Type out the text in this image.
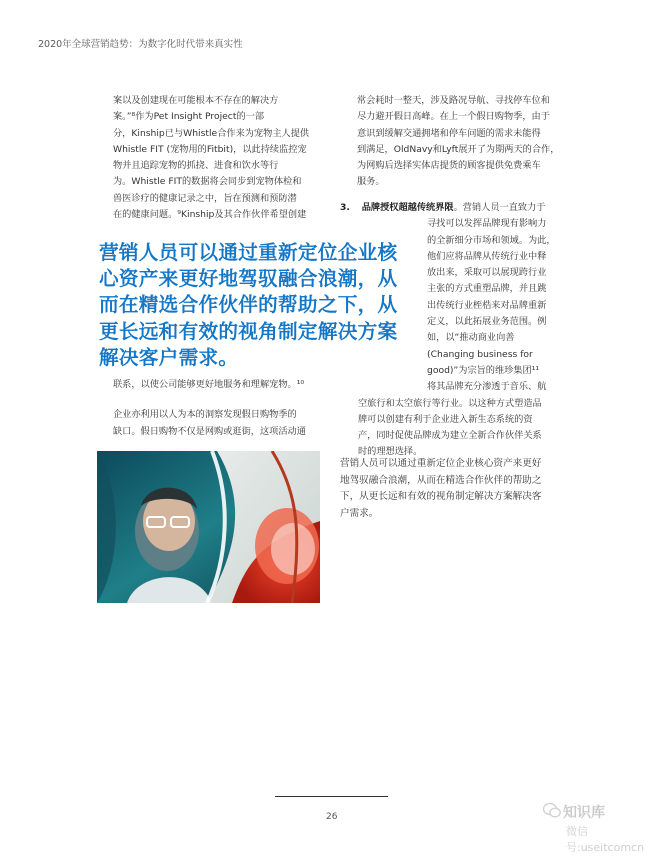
2020年全球营销趋势：为数字化时代带来真实性
案以及创建现在可能根本不存在的解决方
案。”⁸作为Pet Insight Project的一部
分，Kinship已与Whistle合作来为宠物主人提供
Whistle FIT (宠物用的Fitbit)，以此持续监控宠
物并且追踪宠物的抓挠、进食和饮水等行
为。Whistle FIT的数据将会同步到宠物体检和
兽医诊疗的健康记录之中，旨在预测和预防潜
在的健康问题。⁹Kinship及其合作伙伴希望创建
常会耗时一整天，涉及路况导航、寻找停车位和
尽力避开假日高峰。在上一个假日购物季，由于
意识到缓解交通拥堵和停车问题的需求未能得
到满足，OldNavy和Lyft展开了为期两天的合作，
为网购后选择实体店提货的顾客提供免费乘车
服务。
营销人员可以通过重新定位企业核
心资产来更好地驾驭融合浪潮，从
而在精选合作伙伴的帮助之下，从
更长远和有效的视角制定解决方案
解决客户需求。
3. 品牌授权超越传统界限。营销人员一直致力于
寻找可以发挥品牌现有影响力
的全新细分市场和领域。为此，
他们应将品牌从传统行业中释
放出来，采取可以展现跨行业
主张的方式重塑品牌，并且跳
出传统行业桎梏来对品牌重新
定义，以此拓展业务范围。例
如，以“推动商业向善
(Changing business for
good)”为宗旨的维珍集团¹¹
将其品牌充分渗透于音乐、航
空旅行和太空旅行等行业。以这种方式塑造品
牌可以创建有利于企业进入新生态系统的资
产，同时促使品牌成为建立全新合作伙伴关系
时的理想选择。
联系，以使公司能够更好地服务和理解宠物。¹⁰
企业亦利用以人为本的洞察发现假日购物季的
缺口。假日购物不仅是网购或逛街，这项活动通
营销人员可以通过重新定位企业核心资产来更好
地驾驭融合浪潮，从而在精选合作伙伴的帮助之
下，从更长远和有效的视角制定解决方案解决客
户需求。
26	知识库
微信号:useitcomcn
